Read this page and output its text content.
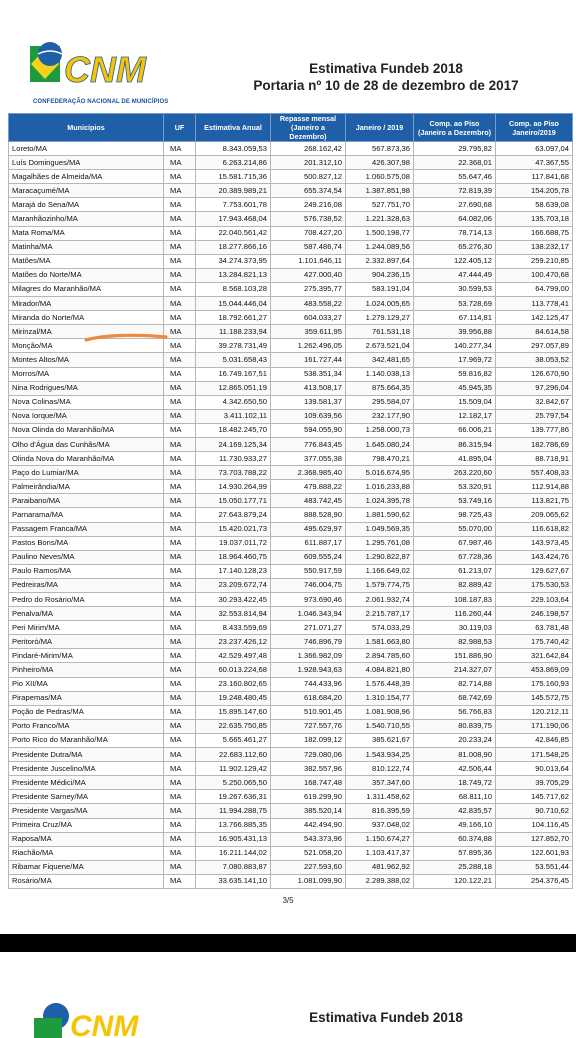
CNM
CONFEDERAÇÃO NACIONAL DE MUNICÍPIOS
Estimativa Fundeb 2018
Portaria nº 10 de 28 de dezembro de 2017
Municípios	UF	Estimativa Anual	Repasse mensal (Janeiro a Dezembro)	Janeiro / 2019	Comp. ao Piso (Janeiro a Dezembro)	Comp. ao Piso Janeiro/2019
Loreto/MA	MA	8.343.059,53	268.162,42	567.873,36	29.795,82	63.097,04
Luís Domingues/MA	MA	6.263.214,86	201.312,10	426.307,98	22.368,01	47.367,55
Magalhães de Almeida/MA	MA	15.581.715,36	500.827,12	1.060.575,08	55.647,46	117.841,68
Maracaçumé/MA	MA	20.389.989,21	655.374,54	1.387.851,98	72.819,39	154.205,78
Marajá do Sena/MA	MA	7.753.601,78	249.216,08	527.751,70	27.690,68	58.639,08
Maranhãozinho/MA	MA	17.943.468,04	576.738,52	1.221.328,63	64.082,06	135.703,18
Mata Roma/MA	MA	22.040.561,42	708.427,20	1.500.198,77	78.714,13	166.688,75
Matinha/MA	MA	18.277.866,16	587.486,74	1.244.089,56	65.276,30	138.232,17
Matões/MA	MA	34.274.373,95	1.101.646,11	2.332.897,64	122.405,12	259.210,85
Matões do Norte/MA	MA	13.284.821,13	427.000,40	904.236,15	47.444,49	100.470,68
Milagres do Maranhão/MA	MA	8.568.103,28	275.395,77	583.191,04	30.599,53	64.799,00
Mirador/MA	MA	15.044.446,04	483.558,22	1.024.005,65	53.728,69	113.778,41
Miranda do Norte/MA	MA	18.792.661,27	604.033,27	1.279.129,27	67.114,81	142.125,47
Mirinzal/MA	MA	11.188.233,94	359.611,95	761.531,18	39.956,88	84.614,58
Monção/MA	MA	39.278.731,49	1.262.496,05	2.673.521,04	140.277,34	297.057,89
Montes Altos/MA	MA	5.031.658,43	161.727,44	342.481,65	17.969,72	38.053,52
Morros/MA	MA	16.749.167,51	538.351,34	1.140.038,13	59.816,82	126.670,90
Nina Rodrigues/MA	MA	12.865.051,19	413.508,17	875.664,35	45.945,35	97.296,04
Nova Colinas/MA	MA	4.342.650,50	139.581,37	295.584,07	15.509,04	32.842,67
Nova Iorque/MA	MA	3.411.102,11	109.639,56	232.177,90	12.182,17	25.797,54
Nova Olinda do Maranhão/MA	MA	18.482.245,70	594.055,90	1.258.000,73	66.006,21	139.777,86
Olho d'Água das Cunhãs/MA	MA	24.169.125,34	776.843,45	1.645.080,24	86.315,94	182.786,69
Olinda Nova do Maranhão/MA	MA	11.730.933,27	377.055,38	798.470,21	41.895,04	88.718,91
Paço do Lumiar/MA	MA	73.703.788,22	2.368.985,40	5.016.674,95	263.220,60	557.408,33
Palmeirândia/MA	MA	14.930.264,99	479.888,22	1.016.233,88	53.320,91	112.914,88
Paraibano/MA	MA	15.050.177,71	483.742,45	1.024.395,78	53.749,16	113.821,75
Parnarama/MA	MA	27.643.879,24	888.528,90	1.881.590,62	98.725,43	209.065,62
Passagem Franca/MA	MA	15.420.021,73	495.629,97	1.049.569,35	55.070,00	116.618,82
Pastos Bons/MA	MA	19.037.011,72	611.887,17	1.295.761,08	67.987,46	143.973,45
Paulino Neves/MA	MA	18.964.460,75	609.555,24	1.290.822,87	67.728,36	143.424,76
Paulo Ramos/MA	MA	17.140.128,23	550.917,59	1.166.649,02	61.213,07	129.627,67
Pedreiras/MA	MA	23.209.672,74	746.004,75	1.579.774,75	82.889,42	175.530,53
Pedro do Rosário/MA	MA	30.293.422,45	973.690,46	2.061.932,74	108.187,83	229.103,64
Penalva/MA	MA	32.553.814,94	1.046.343,94	2.215.787,17	116.260,44	246.198,57
Peri Mirim/MA	MA	8.433.559,69	271.071,27	574.033,29	30.119,03	63.781,48
Peritoró/MA	MA	23.237.426,12	746.896,79	1.581.663,80	82.988,53	175.740,42
Pindaré-Mirim/MA	MA	42.529.497,48	1.366.982,09	2.894.785,60	151.886,90	321.642,84
Pinheiro/MA	MA	60.013.224,68	1.928.943,63	4.084.821,80	214.327,07	453.869,09
Pio XII/MA	MA	23.160.802,65	744.433,96	1.576.448,39	82.714,88	175.160,93
Pirapemas/MA	MA	19.248.480,45	618.684,20	1.310.154,77	68.742,69	145.572,75
Poção de Pedras/MA	MA	15.895.147,60	510.901,45	1.081.908,96	56.766,83	120.212,11
Porto Franco/MA	MA	22.635.750,85	727.557,76	1.540.710,55	80.839,75	171.190,06
Porto Rico do Maranhão/MA	MA	5.665.461,27	182.099,12	385.621,67	20.233,24	42.846,85
Presidente Dutra/MA	MA	22.683.112,60	729.080,06	1.543.934,25	81.008,90	171.548,25
Presidente Juscelino/MA	MA	11.902.129,42	382.557,96	810.122,74	42.506,44	90.013,64
Presidente Médici/MA	MA	5.250.065,50	168.747,48	357.347,60	18.749,72	39.705,29
Presidente Sarney/MA	MA	19.267.636,31	619.299,90	1.311.458,62	68.811,10	145.717,62
Presidente Vargas/MA	MA	11.994.288,75	385.520,14	816.395,59	42.835,57	90.710,62
Primeira Cruz/MA	MA	13.766.885,35	442.494,90	937.048,02	49.166,10	104.116,45
Raposa/MA	MA	16.905.431,13	543.373,96	1.150.674,27	60.374,88	127.852,70
Riachão/MA	MA	16.211.144,02	521.058,20	1.103.417,37	57.895,36	122.601,93
Ribamar Fiquene/MA	MA	7.080.883,87	227.593,60	481.962,92	25.288,18	53.551,44
Rosário/MA	MA	33.635.141,10	1.081.099,90	2.289.388,02	120.122,21	254.376,45
3/5
CNM	Estimativa Fundeb 2018
